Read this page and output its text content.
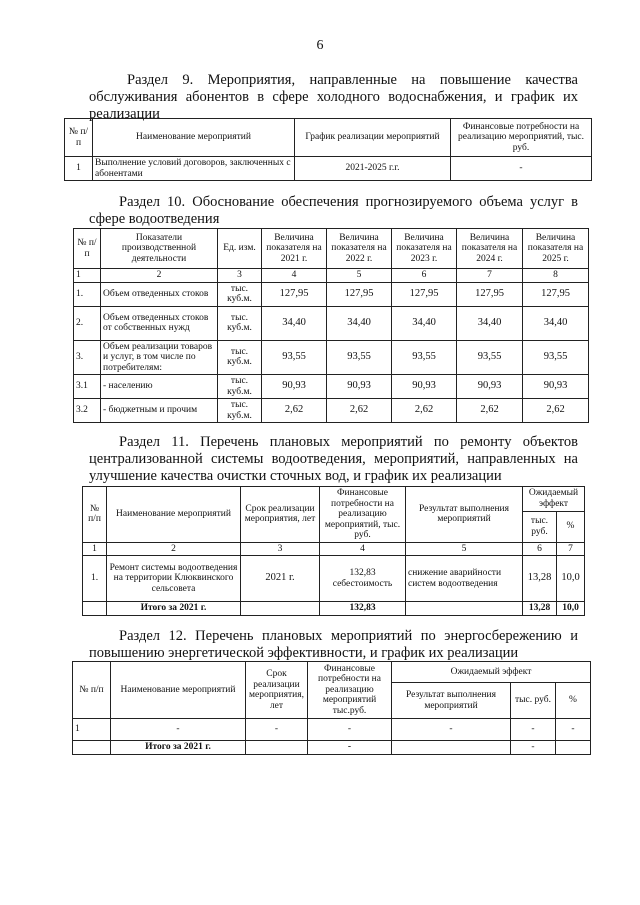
6
Раздел 9. Мероприятия, направленные на повышение качества обслуживания абонентов в сфере холодного водоснабжения, и график их реализации
№ п/п	Наименование мероприятий	График реализации мероприятий	Финансовые потребности на реализацию мероприятий, тыс. руб.
1	Выполнение условий договоров, заключенных с абонентами	2021-2025 г.г.	-
Раздел 10. Обоснование обеспечения прогнозируемого объема услуг в сфере водоотведения
№ п/п	Показатели производственной деятельности	Ед. изм.	Величина показателя на 2021 г.	Величина показателя на 2022 г.	Величина показателя на 2023 г.	Величина показателя на 2024 г.	Величина показателя на 2025 г.
1	2	3	4	5	6	7	8
1.	Объем отведенных стоков	тыс. куб.м.	127,95	127,95	127,95	127,95	127,95
2.	Объем отведенных стоков от собственных нужд	тыс. куб.м.	34,40	34,40	34,40	34,40	34,40
3.	Объем реализации товаров и услуг, в том числе по потребителям:	тыс. куб.м.	93,55	93,55	93,55	93,55	93,55
3.1	- населению	тыс. куб.м.	90,93	90,93	90,93	90,93	90,93
3.2	- бюджетным и прочим	тыс. куб.м.	2,62	2,62	2,62	2,62	2,62
Раздел 11. Перечень плановых мероприятий по ремонту объектов централизованной системы водоотведения, мероприятий, направленных на улучшение качества очистки сточных вод, и график их реализации
№ п/п	Наименование мероприятий	Срок реализации мероприятия, лет	Финансовые потребности на реализацию мероприятий, тыс. руб.	Результат выполнения мероприятий	Ожидаемый эффект	
					тыс. руб.	%
1	2	3	4	5	6	7
1.	Ремонт системы водоотведения на территории Клюквинского сельсовета	2021 г.	132,83 себестоимость	снижение аварийности систем водоотведения	13,28	10,0
	Итого за 2021 г.		132,83		13,28	10,0
Раздел 12. Перечень плановых мероприятий по энергосбережению и повышению энергетической эффективности, и график их реализации
№ п/п	Наименование мероприятий	Срок реализации мероприятия, лет	Финансовые потребности на реализацию мероприятий тыс.руб.	Ожидаемый эффект		
				Результат выполнения мероприятий	тыс. руб.	%
1	-	-	-	-	-	-
	Итого за 2021 г.		-		-	
